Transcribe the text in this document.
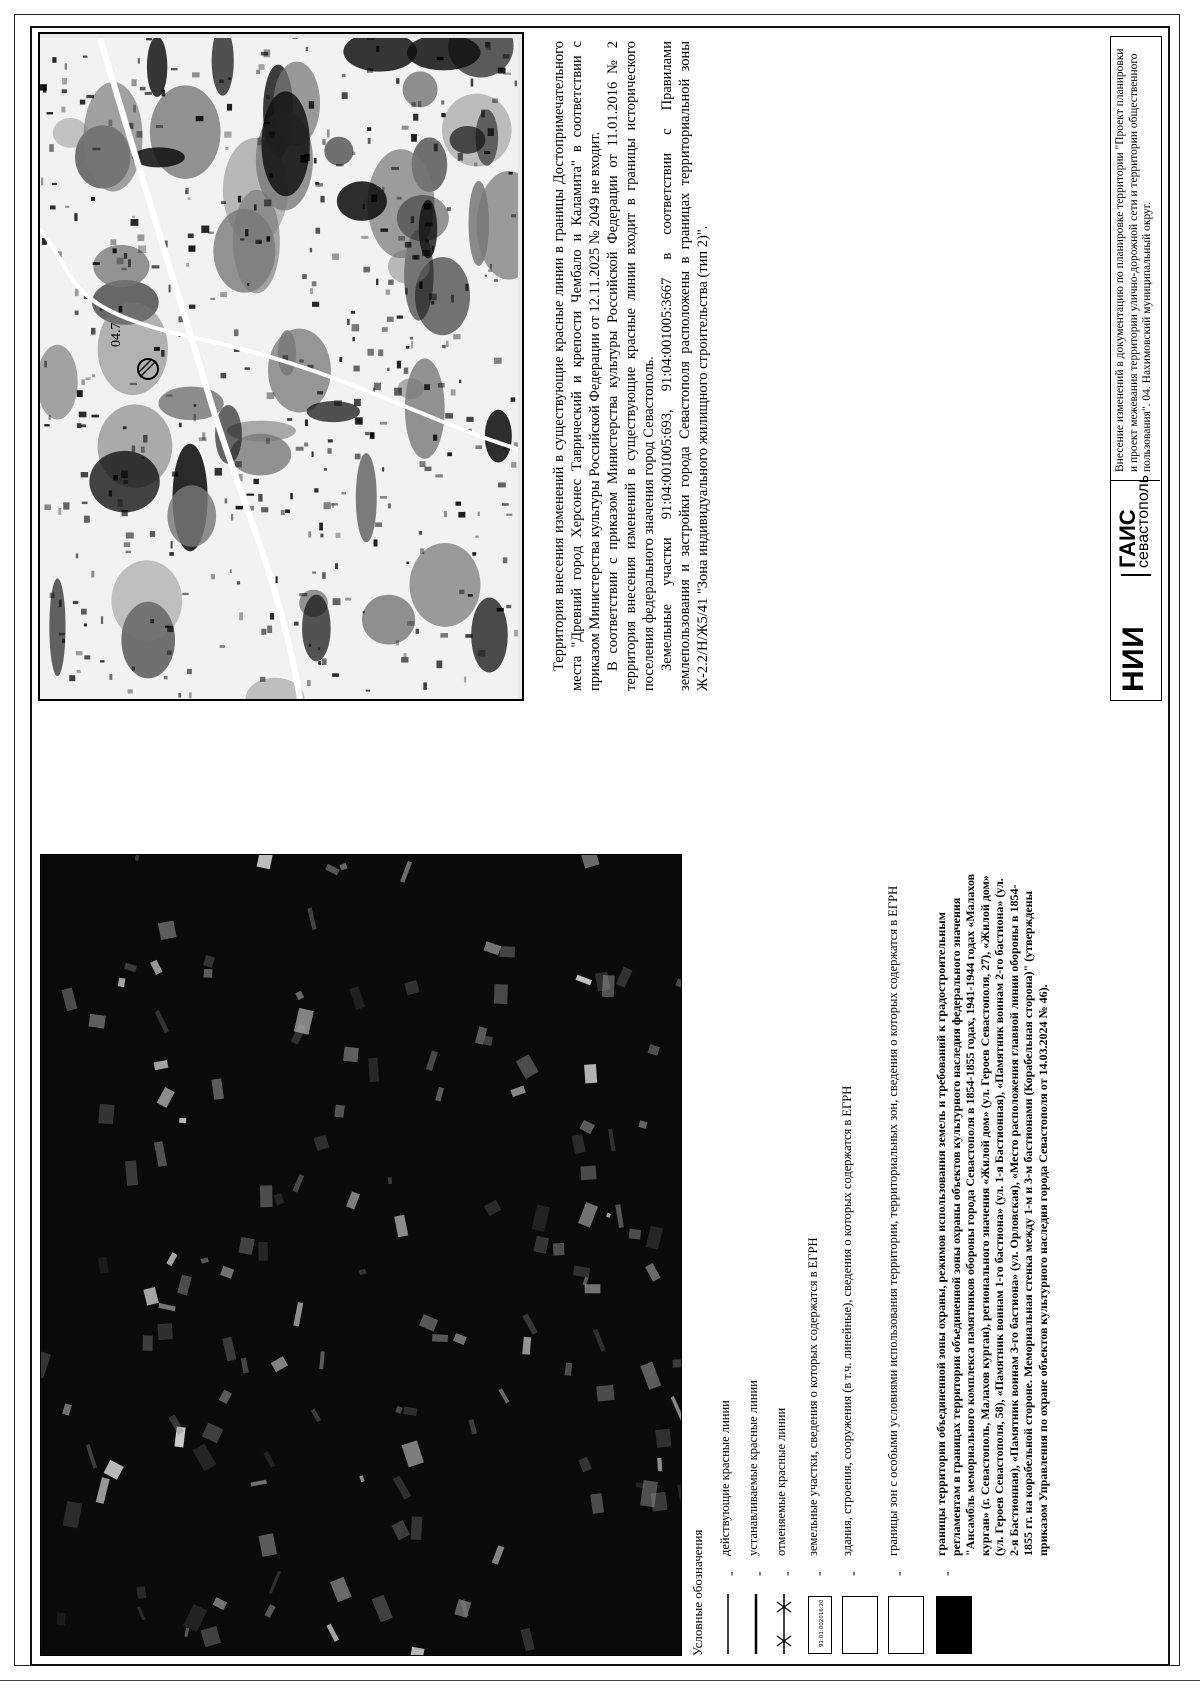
04.7
Условные обозначения -
действующие красные линии
-
устанавливаемые красные линии
-
отменяемые красные линии
91:01:002016:20
-
земельные участки, сведения о которых содержатся в ЕГРН
-
здания, строения, сооружения (в т.ч. линейные), сведения о которых содержатся в ЕГРН
-
границы зон с особыми условиями использования территории, территориальных зон, сведения о которых содержатся в ЕГРН
-
границы территории объединенной зоны охраны, режимов использования земель и требований к градостроительным регламентам в границах территории объединенной зоны охраны объектов культурного наследия федерального значения "Ансамбль мемориального комплекса памятников обороны города Севастополя в 1854-1855 годах, 1941-1944 годах «Малахов курган» (г. Севастополь, Малахов курган), регионального значения «Жилой дом» (ул. Героев Севастополя, 27), «Жилой дом» (ул. Героев Севастополя, 58), «Памятник воинам 1-го бастиона» (ул. 1-я Бастионная), «Памятник воинам 2-го бастиона» (ул. 2-я Бастионная), «Памятник воинам 3-го бастиона» (ул. Орловская), «Место расположения главной линии обороны в 1854-1855 гг. на корабельной стороне. Мемориальная стенка между 1-м и 3-м бастионами (Корабельная сторона)" (утверждены приказом Управления по охране объектов культурного наследия города Севастополя от 14.03.2024 № 46).

Территория внесения изменений в существующие красные линии в границы Достопримечательного места "Древний город Херсонес Таврический и крепости Чембало и Каламита" в соответствии с приказом Министерства культуры Российской Федерации от 12.11.2025 № 2049 не входит. В соответствии с приказом Министерства культуры Российской Федерации от 11.01.2016 № 2 территория внесения изменений в существующие красные линии входит в границы исторического поселения федерального значения город Севастополь. Земельные участки 91:04:001005:693, 91:04:001005:3667 в соответствии с Правилами землепользования и застройки города Севастополя расположены в границах территориальной зоны Ж-2.2/Н/Ж5/41 "Зона индивидуального жилищного строительства (тип 2)".	НИИ
ГАИС
севастополь
Внесение изменений в документацию по планировке территории "Проект планировки и проект межевания территории улично-дорожной сети и территории общественного пользования". 04. Нахимовский муниципальный округ.
